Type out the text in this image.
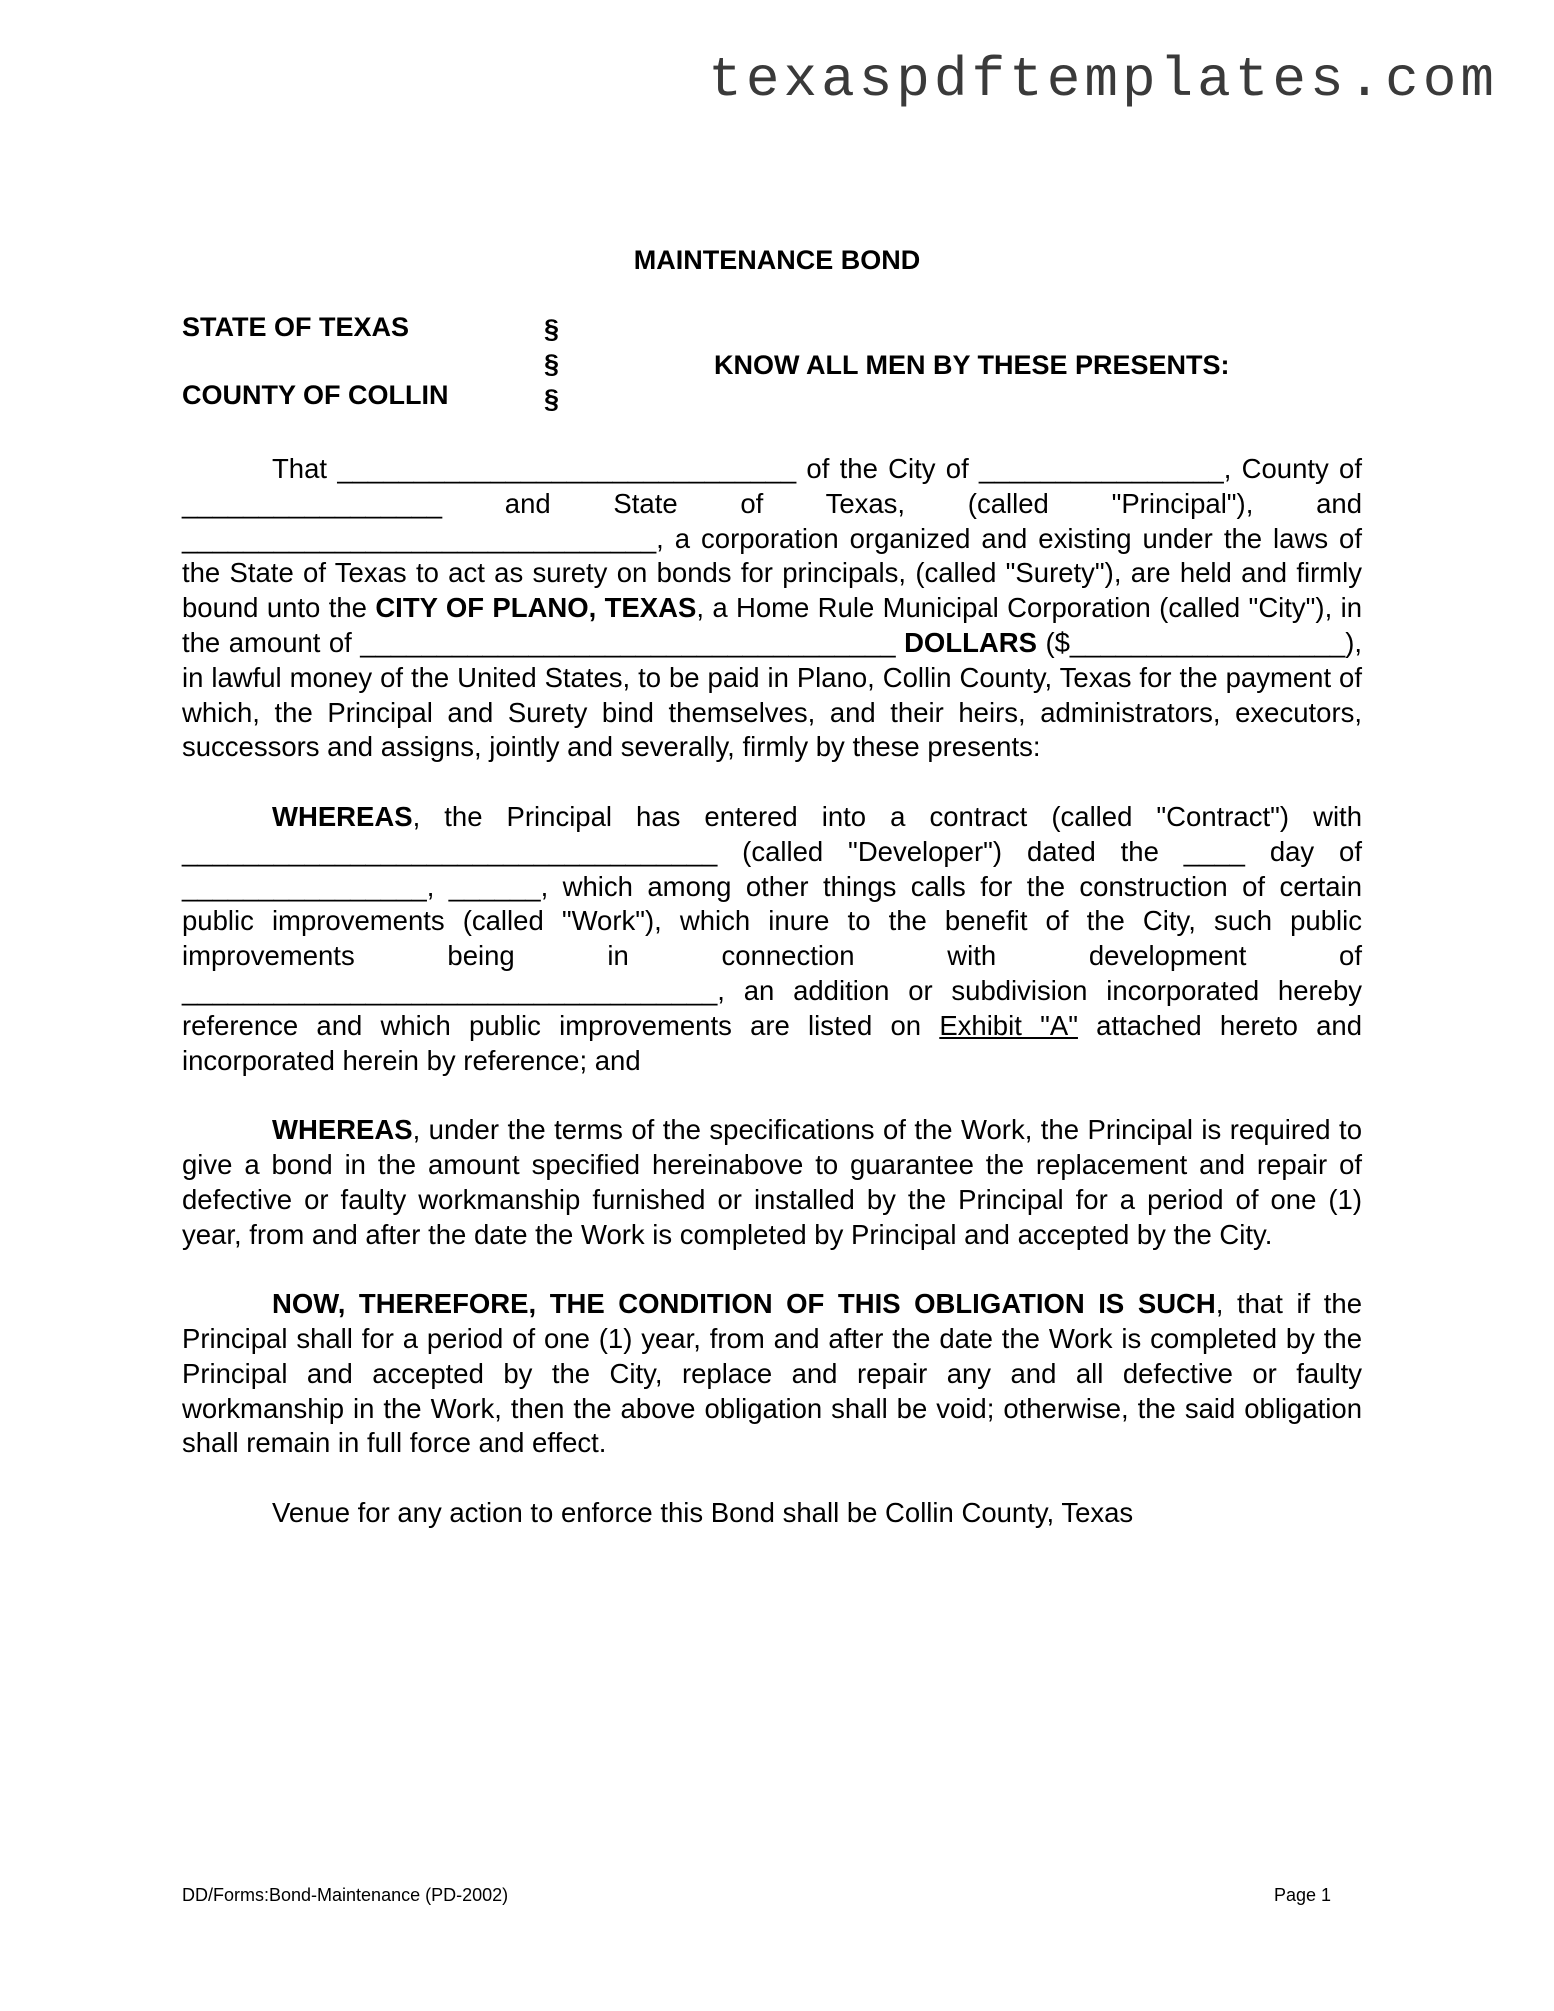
texaspdftemplates.com
MAINTENANCE BOND
STATE OF TEXAS
COUNTY OF COLLIN
§
§
§
KNOW ALL MEN BY THESE PRESENTS:

That ______________________________ of the City of ________________, County of _________________ and State of Texas, (called "Principal"), and _______________________________, a corporation organized and existing under the laws of the State of Texas to act as surety on bonds for principals, (called "Surety"), are held and firmly bound unto the CITY OF PLANO, TEXAS, a Home Rule Municipal Corporation (called "City"), in the amount of ___________________________________ DOLLARS ($__________________), in lawful money of the United States, to be paid in Plano, Collin County, Texas for the payment of which, the Principal and Surety bind themselves, and their heirs, administrators, executors, successors and assigns, jointly and severally, firmly by these presents:

WHEREAS, the Principal has entered into a contract (called "Contract") with ___________________________________ (called "Developer") dated the ____ day of ________________, ______, which among other things calls for the construction of certain public improvements (called "Work"), which inure to the benefit of the City, such public improvements being in connection with development of ___________________________________, an addition or subdivision incorporated hereby reference and which public improvements are listed on Exhibit "A" attached hereto and incorporated herein by reference; and

WHEREAS, under the terms of the specifications of the Work, the Principal is required to give a bond in the amount specified hereinabove to guarantee the replacement and repair of defective or faulty workmanship furnished or installed by the Principal for a period of one (1) year, from and after the date the Work is completed by Principal and accepted by the City.

NOW, THEREFORE, THE CONDITION OF THIS OBLIGATION IS SUCH, that if the Principal shall for a period of one (1) year, from and after the date the Work is completed by the Principal and accepted by the City, replace and repair any and all defective or faulty workmanship in the Work, then the above obligation shall be void; otherwise, the said obligation shall remain in full force and effect.

Venue for any action to enforce this Bond shall be Collin County, Texas

DD/Forms:Bond-Maintenance (PD-2002)	Page 1
